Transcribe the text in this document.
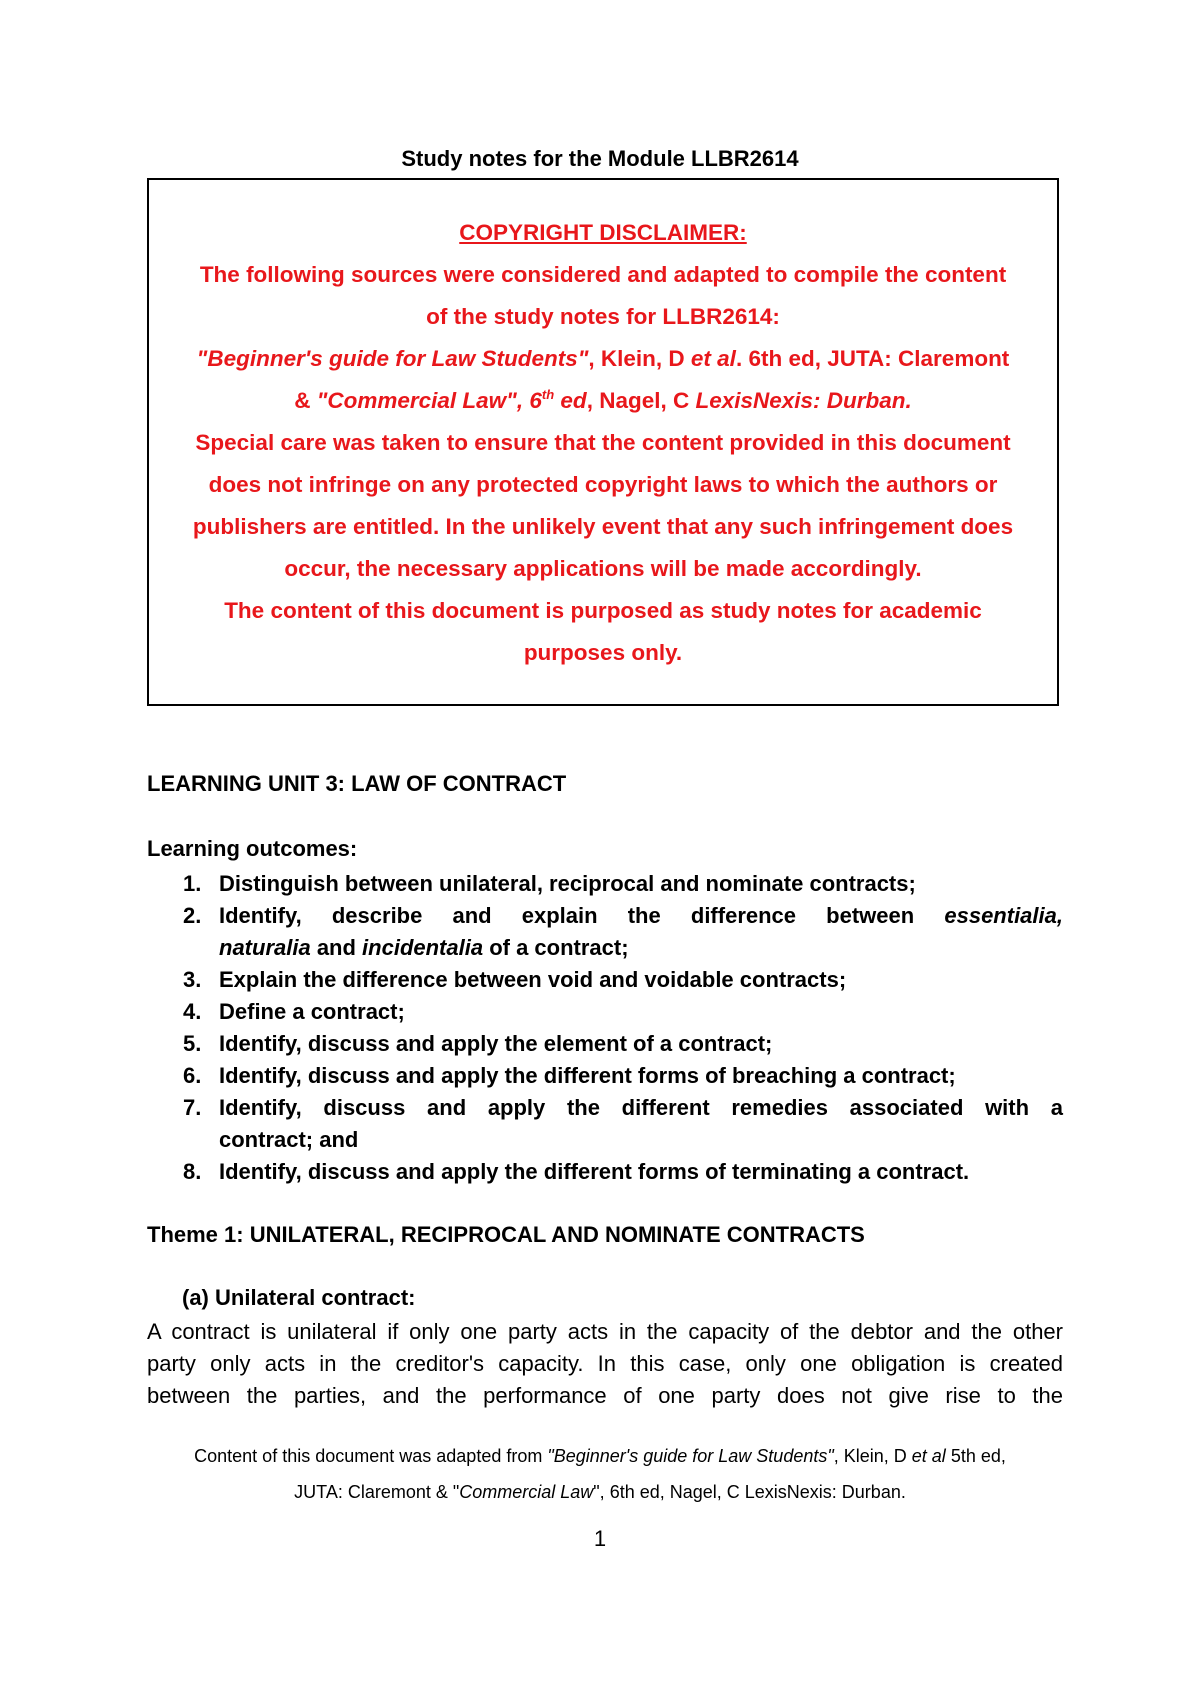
Study notes for the Module LLBR2614
COPYRIGHT DISCLAIMER:
The following sources were considered and adapted to compile the content
of the study notes for LLBR2614:
"Beginner's guide for Law Students", Klein, D et al. 6th ed, JUTA: Claremont
& "Commercial Law", 6th ed, Nagel, C LexisNexis: Durban.
Special care was taken to ensure that the content provided in this document
does not infringe on any protected copyright laws to which the authors or
publishers are entitled. In the unlikely event that any such infringement does
occur, the necessary applications will be made accordingly.
The content of this document is purposed as study notes for academic
purposes only.
LEARNING UNIT 3: LAW OF CONTRACT
Learning outcomes:
1. Distinguish between unilateral, reciprocal and nominate contracts;
2. Identify, describe and explain the difference between essentialia,
naturalia and incidentalia of a contract;
3. Explain the difference between void and voidable contracts;
4. Define a contract;
5. Identify, discuss and apply the element of a contract;
6. Identify, discuss and apply the different forms of breaching a contract;
7. Identify, discuss and apply the different remedies associated with a
contract; and
8. Identify, discuss and apply the different forms of terminating a contract.
Theme 1: UNILATERAL, RECIPROCAL AND NOMINATE CONTRACTS
(a) Unilateral contract:
A contract is unilateral if only one party acts in the capacity of the debtor and the other
party only acts in the creditor's capacity. In this case, only one obligation is created
between the parties, and the performance of one party does not give rise to the
Content of this document was adapted from "Beginner's guide for Law Students", Klein, D et al 5th ed,
JUTA: Claremont & "Commercial Law", 6th ed, Nagel, C LexisNexis: Durban.
1
